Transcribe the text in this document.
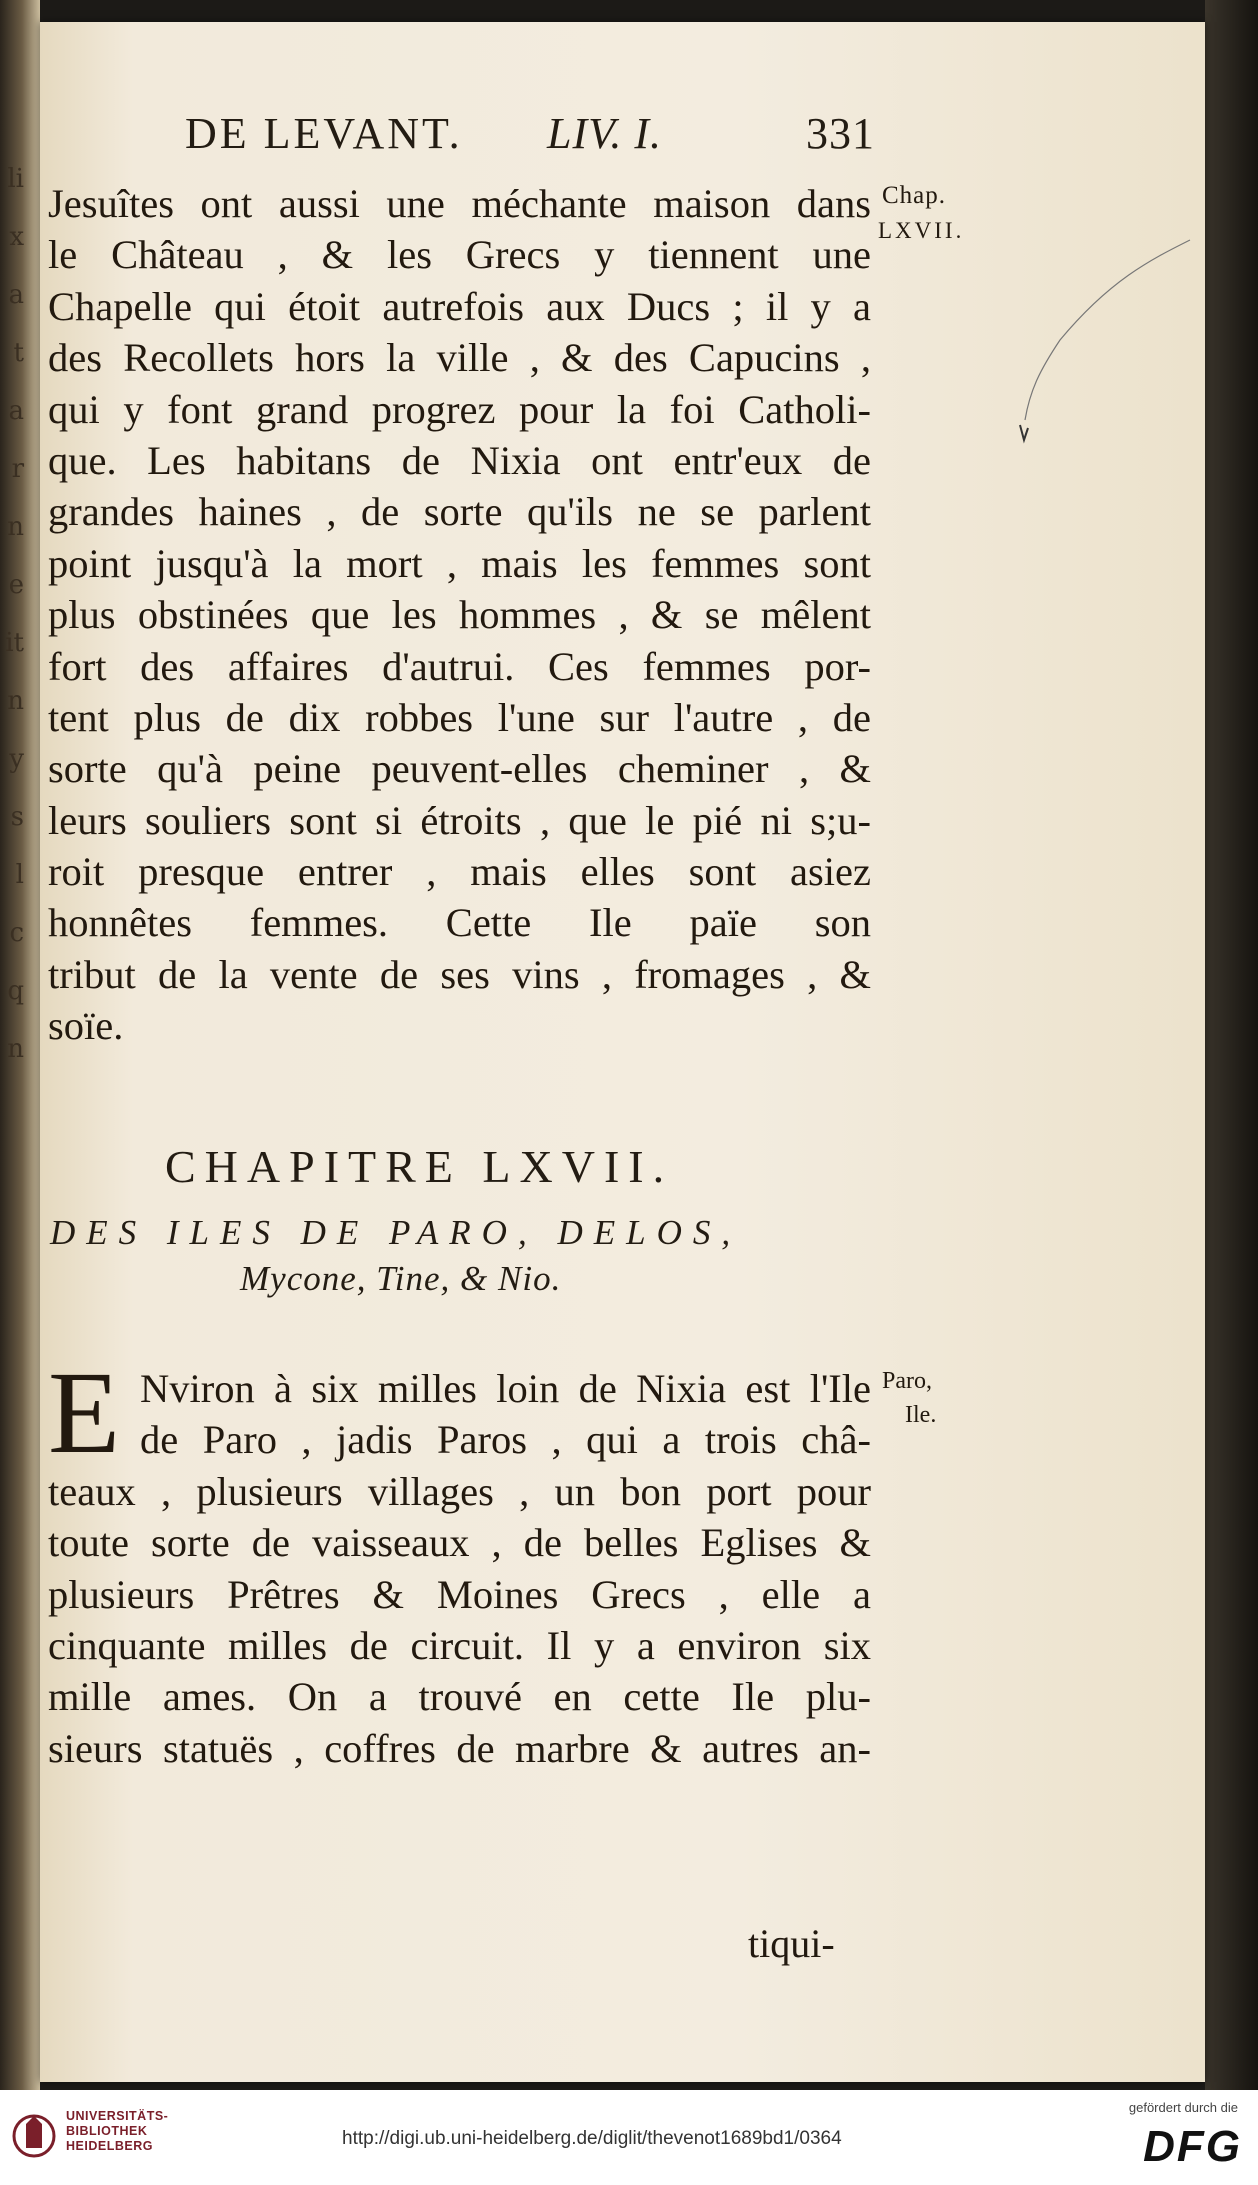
li
x
a
t
a
r
n
e
it
n
y
s
l
c
q
n
DE LEVANT. LIV. I.	331
Chap.
LXVII.
Jesuîtes ont aussi une méchante maison dans
le Château , & les Grecs y tiennent une
Chapelle qui étoit autrefois aux Ducs ; il y a
des Recollets hors la ville , & des Capucins ,
qui y font grand progrez pour la foi Catholi-
que. Les habitans de Nixia ont entr'eux de
grandes haines , de sorte qu'ils ne se parlent
point jusqu'à la mort , mais les femmes sont
plus obstinées que les hommes , & se mêlent
fort des affaires d'autrui. Ces femmes por-
tent plus de dix robbes l'une sur l'autre , de
sorte qu'à peine peuvent-elles cheminer , &
leurs souliers sont si étroits , que le pié ni s;u-
roit presque entrer , mais elles sont asiez
honnêtes femmes. Cette Ile païe son
tribut de la vente de ses vins , fromages , &
soïe.
CHAPITRE LXVII.
DES ILES DE PARO, DELOS,
Mycone, Tine, & Nio.
E Nviron à six milles loin de Nixia est l'Ile
de Paro , jadis Paros , qui a trois châ-
teaux , plusieurs villages , un bon port pour
toute sorte de vaisseaux , de belles Eglises &
plusieurs Prêtres & Moines Grecs , elle a
cinquante milles de circuit. Il y a environ six
mille ames. On a trouvé en cette Ile plu-
sieurs statuës , coffres de marbre & autres an-
tiqui-
Paro,
Ile.
UNIVERSITÄTS-
BIBLIOTHEK
HEIDELBERG	http://digi.ub.uni-heidelberg.de/diglit/thevenot1689bd1/0364
gefördert durch die
DFG
